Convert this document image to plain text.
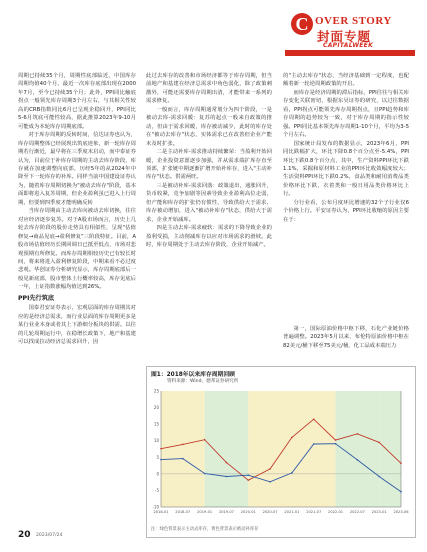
C OVER STORY
封面专题
CAPITALWEEK

周期已持续35个月，周期性底部临近，中国库存周期均值40个月，最近一次库存底部出现在2000年7月，至今已持续35个月；此外，PPI同比触底拐点一般领先库存周期3个月左右，与其相关性较高的CRB指数同比6月已呈现企稳回升，PPI同比5-6月筑底可能性较高，据此推算2023年9-10月可能成为本轮库存周期底部。

对于库存周期的反转时间，信达证券也认为，库存周期整体已经展现出筑底迹象，新一轮库存周期若行渐近，最早将在三季度末启动，而中泰证券认为，目前位于补库存周期的主动去库存阶段，库存就在加速调整向底部，历经5年的从2024年中降至下一轮库存的补库。同样当前中国建设证券认为，随着库存周期切换为"被动去库存"阶段，基本面即将进入复苏周期，但企业盈利虽已进入上行周期，但要到四季度才能明确反转

当库存周期由主动去库向被动去库切换，往往对应经济逐步复苏。对于A股市场而言，历史上几轮去库存阶段的股价走势具有相似性，呈现"估值修复→商品见底→盈利修复"三阶段特征。目前，A股市场估值经历长期回调日已抵至低点，市场对悲观预期有所修复。而库存周期相较历史已有较长时间，将来将进入盈利修复阶段，中期来看不必过度悲观。华创证券分析研究显示，库存周期底部后一般见新底部，股市整体上行概率较高，库存见底后一年，上证指数涨幅均值达到26%。

PPI先行筑底

国泰君安证券表示，宏观层面的库存周期其对应的是经济总需求，而行业层面的库存周期更多是某行业业本身或者其上下游细分板块的供需。以往的几轮周期运行中，在稳增长政策下，地产和基建可以找成拉动经济总需求回升，因

此过去库存的改善和市场经济都等于库存周期，但当前地产和基建在经济总需求中角色弱化，除了政策刺激外，可能还需要库存周期出清，才能带来一系列的需求修复。

一般而言，库存周期通常划分为四个阶段，一是被动去库-需求回暖：复苏的起点一般来自政策的推动，但由于需求回暖，库存被动减少，此时的库存处在"被动去库存"状态，实体需求已在改善但企业产能未及时扩张。

二是主动补库-需求推动持续繁荣：当盈利开始回暖，企业投资意愿逐步加强，并从需求端扩库存直至顶部，扩张链中期逐渐扩增开始补库存，进入"主动补库存"状态。供需两旺。

三是被动补库-需求回落：政策退出，通胀回升，货币收紧，竞争加剧等因素导致企业盈利高位走弱，但产能和库存的扩张仍有惯性，导致供给大于需求、库存被动增加，进入"被动补库存"状态，供给大于需求，企业开始减库。

四是主动去库-需求疲软：需求的下降导致企业的盈利受损，主动削减库存以应对市场需求的滑坡。此时，库存周期处于主动去库存阶段，企业开始减产。

的"主动去库存"状态，当经济基础到一定程度，也配额着新一轮逆周期政策的开启。

而库存是经济周期的滞后指标，PPI往往与相关库存变化关联密切，根据东吴证券的研究，以过往数据看，PPI拐点可能领先库存周期拐点，且PPI趋势和库存周期的趋势较为一致，对于库存周期的指示性较强。PPI同比基本领先库存周期1-10个月，平均为3-5个月左右。

国家统计局发布的数据显示，2023年6月，PPI同比跌幅扩大，环比下降0.8个百分点至-5.4%，PPI环比下跌0.8个百分点，其中，生产资料PPI环比下跌1.1%，采掘和原材料工业的PPI环比收敛幅度较大；生活资料PPI环比下跌0.2%，食品类和耐用消费品类价格环比下跌，衣着类和一般日用品类价格环比上行。

分行业看，公布月度环比增速的32个子行业仅6个价格上行。平安证券认为，PPI环比收缩的原因主要在于：

第一，国际原油价格中枢下移，石化产业链价格普遍调整。2023年5月以来，布伦特原油价格中枢在82美元/桶下移至75美元/桶，化工品成本端压力

图1：2018年以来库存周期回顾
资料来源：Wind，德邦证券研究所
-10
-5
0
5
10
15
20
25
2018-01 2018-07 2019-01 2019-07 2020-01 2020-07 2021-01 2021-07 2022-01 2022-07 2023-01 2023-06
注：绿色背景表示主动去库存，黄色背景表示被动补库存
20 2023/07/24
